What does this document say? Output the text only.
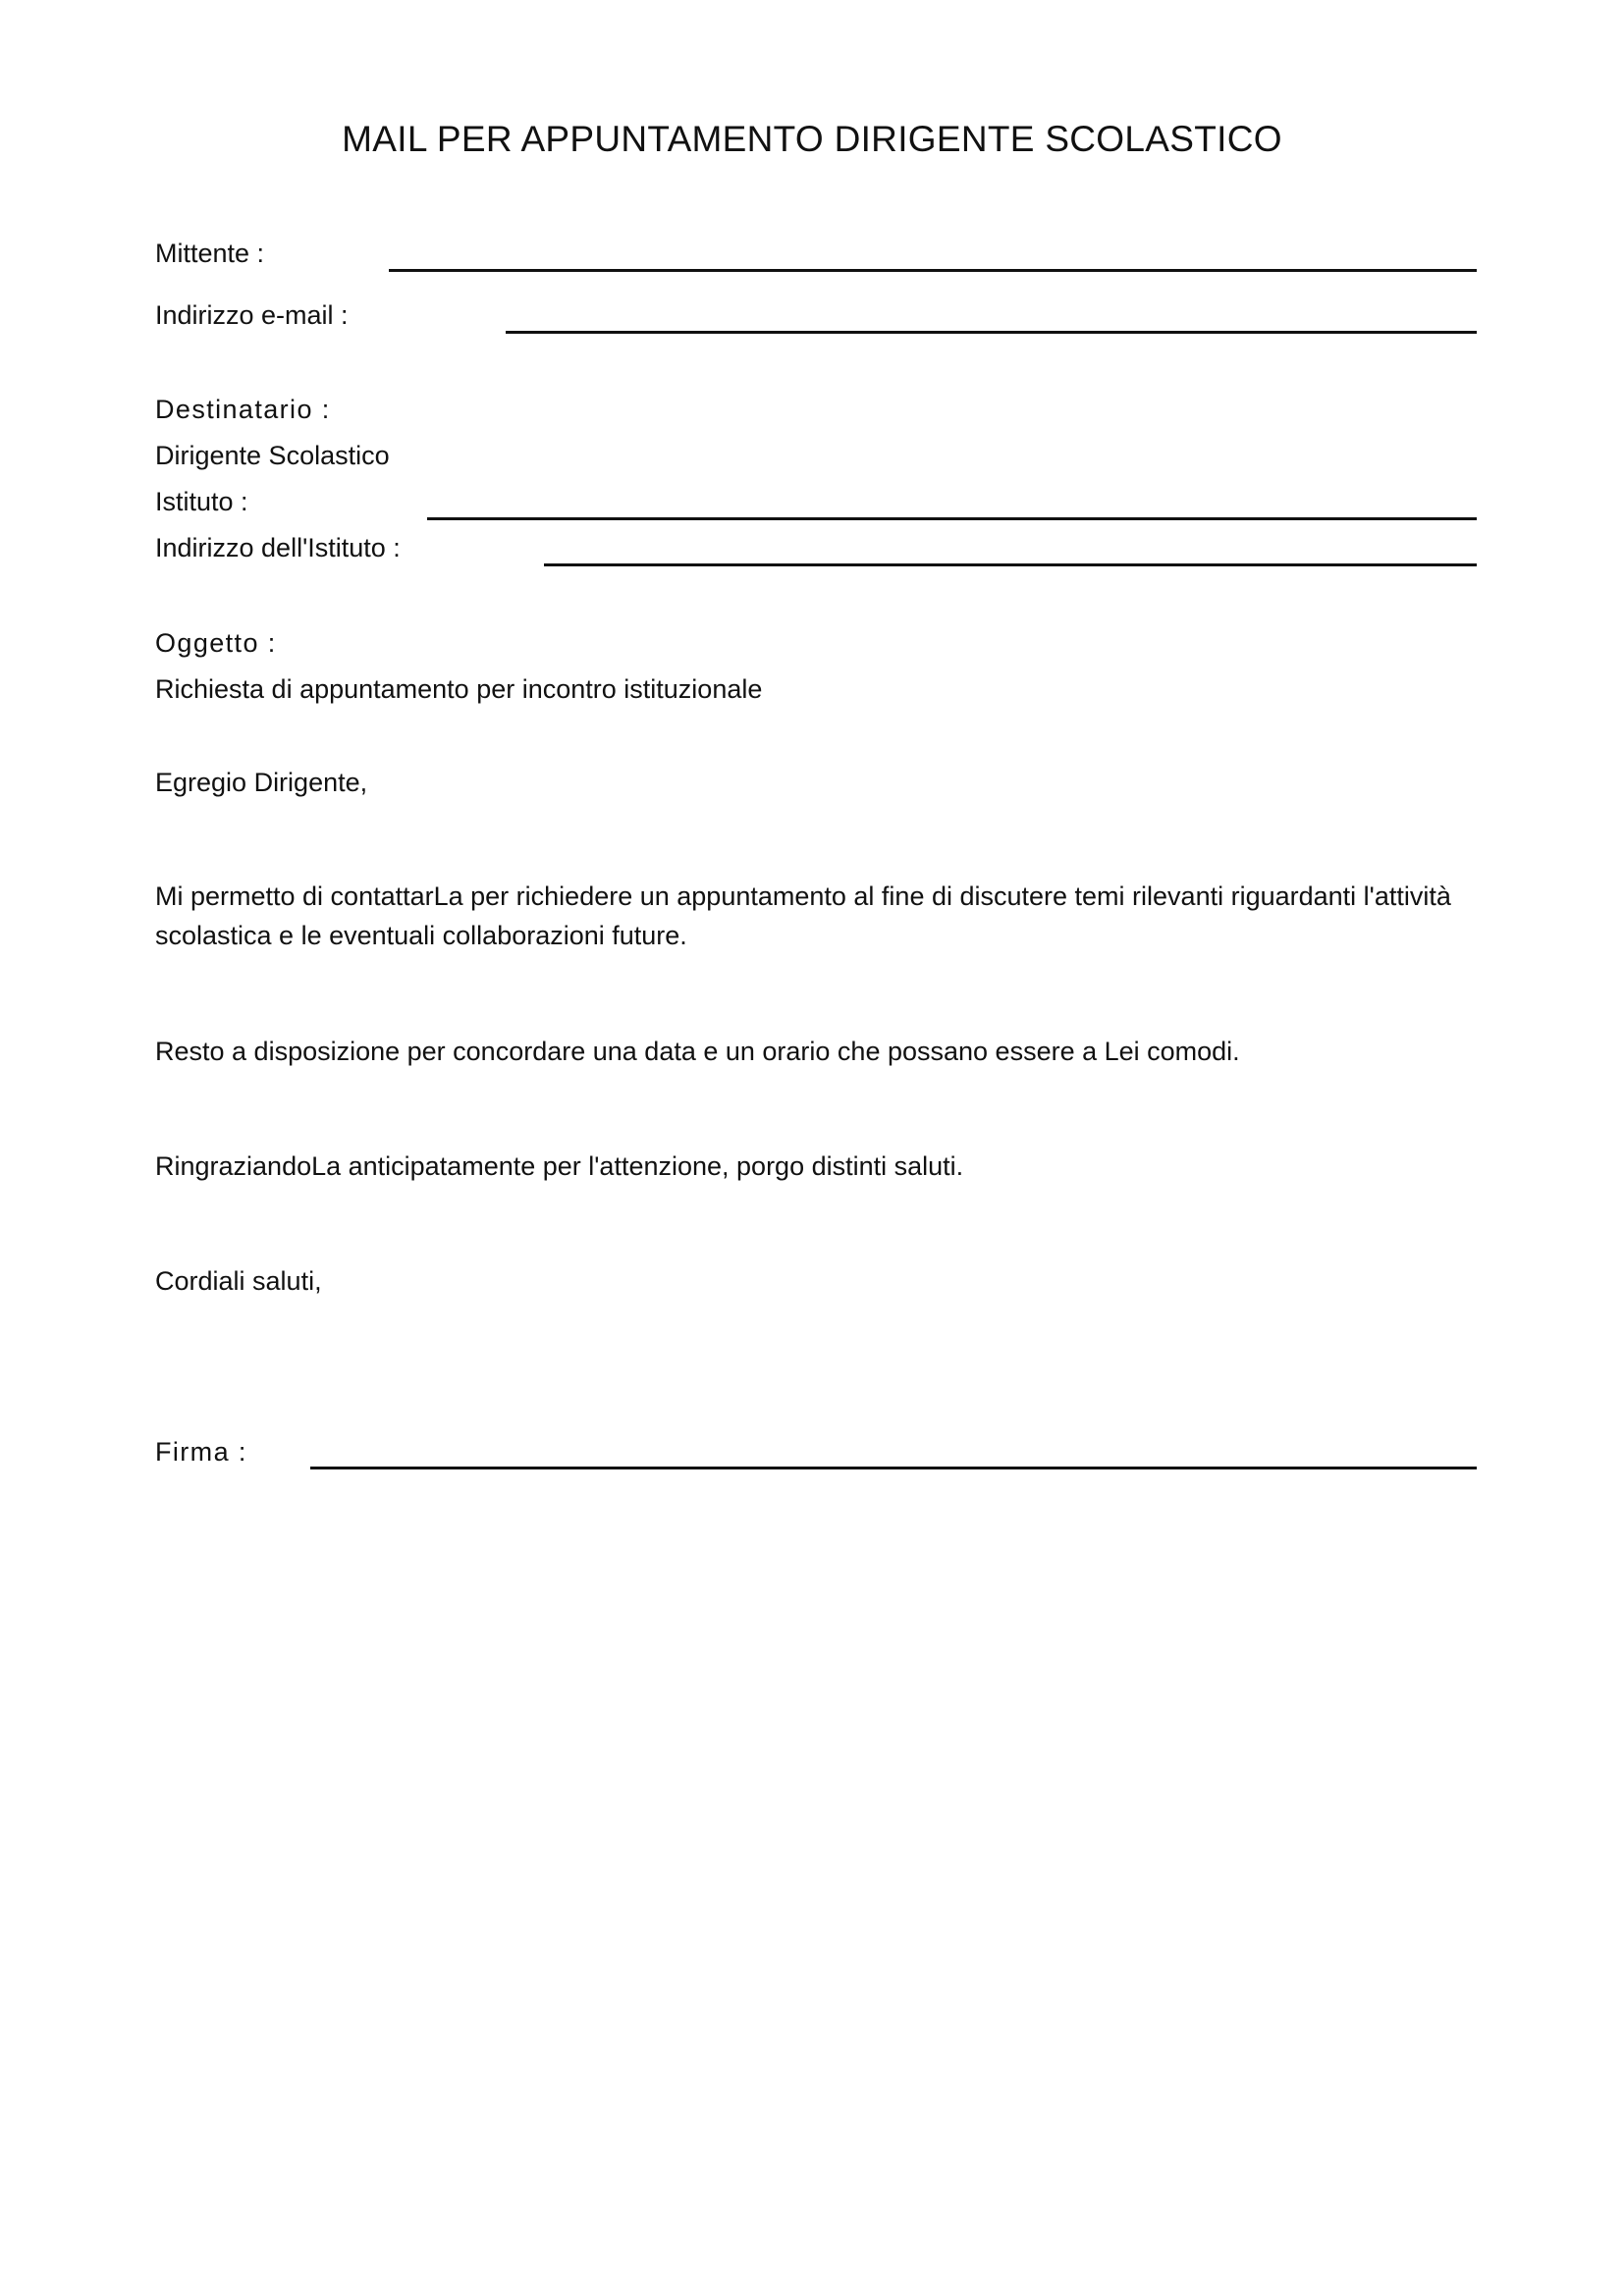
MAIL PER APPUNTAMENTO DIRIGENTE SCOLASTICO

Mittente :

Indirizzo e-mail :

Destinatario :

Dirigente Scolastico

Istituto :

Indirizzo dell'Istituto :

Oggetto :

Richiesta di appuntamento per incontro istituzionale

Egregio Dirigente,

Mi permetto di contattarLa per richiedere un appuntamento al fine di discutere temi rilevanti riguardanti l'attività scolastica e le eventuali collaborazioni future.

Resto a disposizione per concordare una data e un orario che possano essere a Lei comodi.

RingraziandoLa anticipatamente per l'attenzione, porgo distinti saluti.

Cordiali saluti,

Firma :
